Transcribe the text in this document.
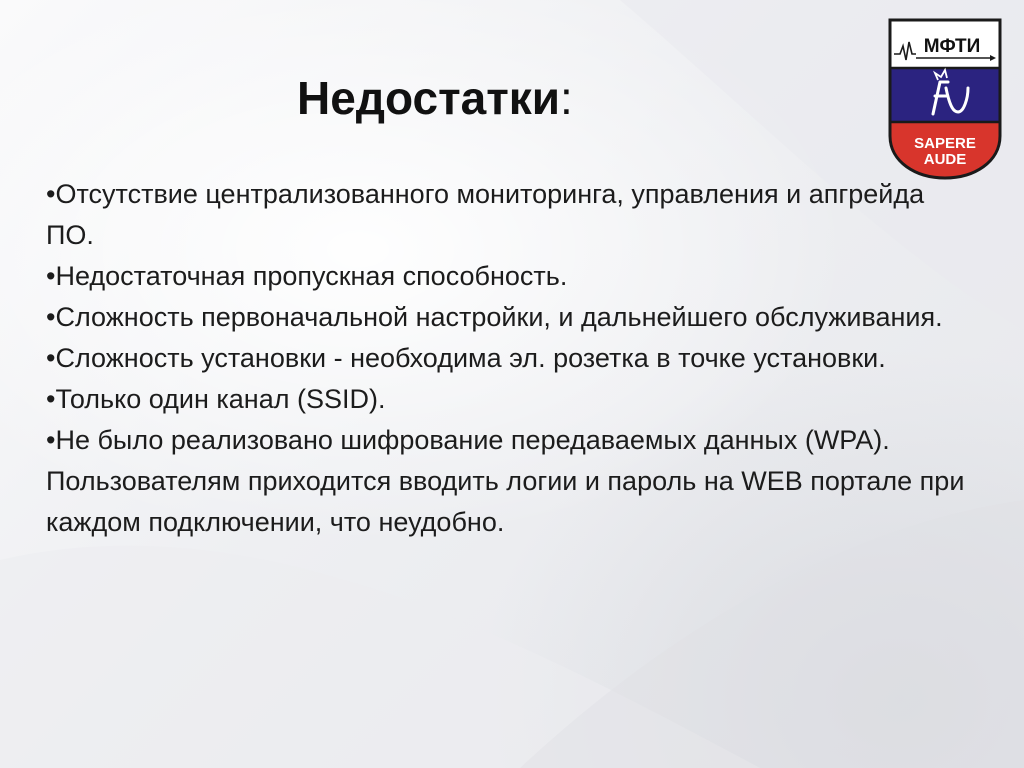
Недостатки:
•Отсутствие централизованного мониторинга, управления и апгрейда ПО.
•Недостаточная пропускная способность.
•Сложность первоначальной настройки, и дальнейшего обслуживания.
•Сложность установки - необходима эл. розетка в точке установки.
•Только один канал (SSID).
•Не было реализовано шифрование передаваемых данных (WPA). Пользователям приходится вводить логии и пароль на WEB портале при каждом подключении, что неудобно.
МФТИ
SAPERE
AUDE
